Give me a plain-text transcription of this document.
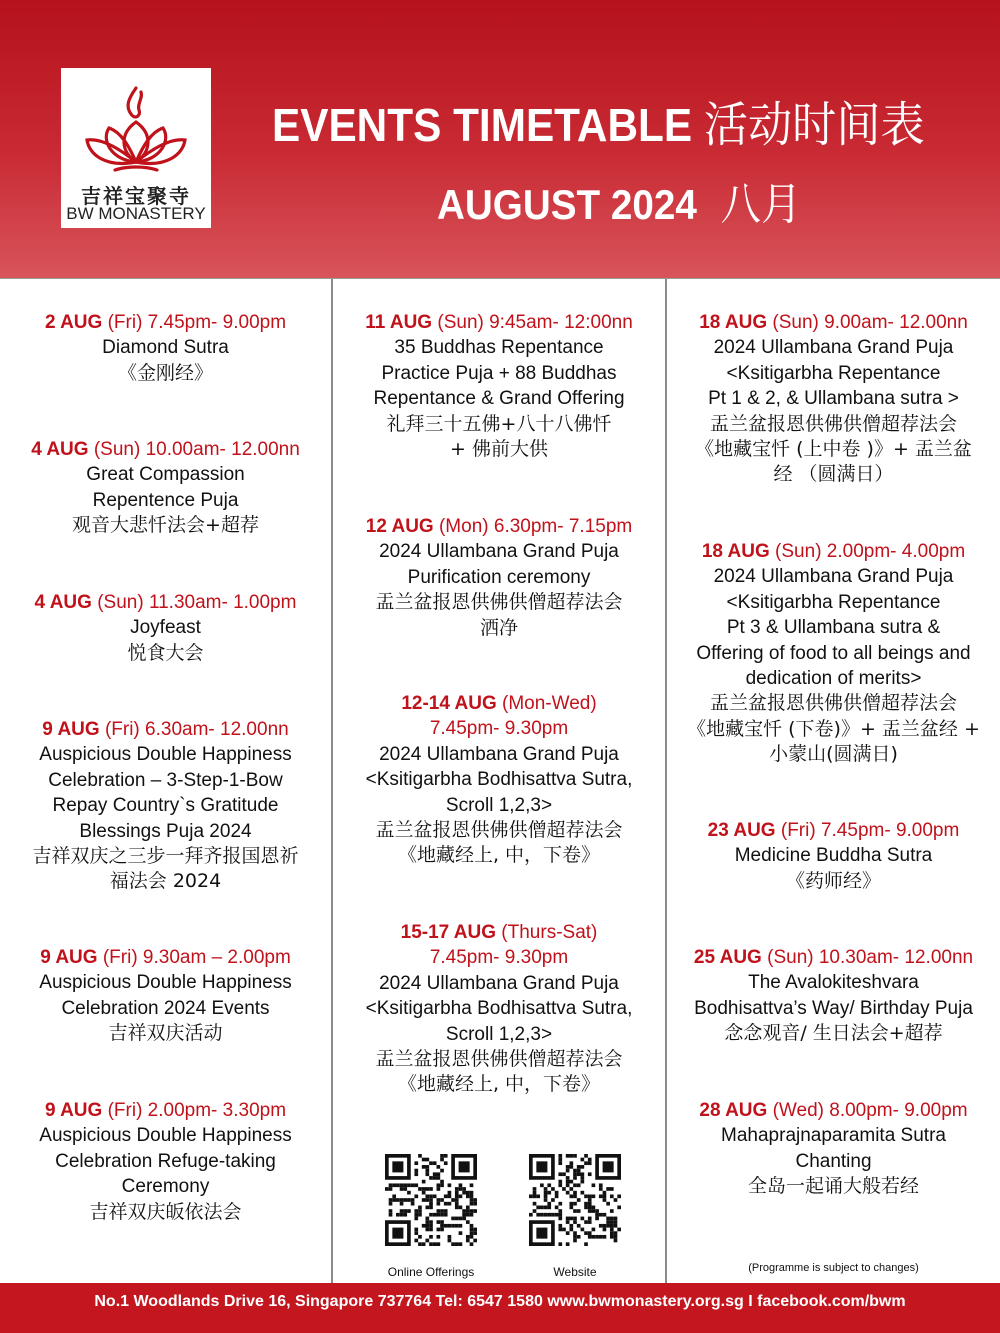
吉祥宝聚寺
BW MONASTERY
EVENTS TIMETABLE 活动时间表
AUGUST 2024 八月
2 AUG (Fri) 7.45pm- 9.00pm
Diamond Sutra
《金刚经》
4 AUG (Sun) 10.00am- 12.00nn
Great Compassion
Repentence Puja
观音大悲忏法会+超荐
4 AUG (Sun) 11.30am- 1.00pm
Joyfeast
悦食大会
9 AUG (Fri) 6.30am- 12.00nn
Auspicious Double Happiness
Celebration – 3-Step-1-Bow
Repay Country`s Gratitude
Blessings Puja 2024
吉祥双庆之三步一拜齐报国恩祈
福法会 2024
9 AUG (Fri) 9.30am – 2.00pm
Auspicious Double Happiness
Celebration 2024 Events
吉祥双庆活动
9 AUG (Fri) 2.00pm- 3.30pm
Auspicious Double Happiness
Celebration Refuge-taking
Ceremony
吉祥双庆皈依法会
Online Offerings	Website
11 AUG (Sun) 9:45am- 12:00nn
35 Buddhas Repentance
Practice Puja + 88 Buddhas
Repentance & Grand Offering
礼拜三十五佛+八十八佛忏
+ 佛前大供
12 AUG (Mon) 6.30pm- 7.15pm
2024 Ullambana Grand Puja
Purification ceremony
盂兰盆报恩供佛供僧超荐法会
洒净
12-14 AUG (Mon-Wed)
7.45pm- 9.30pm
2024 Ullambana Grand Puja
<Ksitigarbha Bodhisattva Sutra,
Scroll 1,2,3>
盂兰盆报恩供佛供僧超荐法会
《地藏经上, 中，下卷》
15-17 AUG (Thurs-Sat)
7.45pm- 9.30pm
2024 Ullambana Grand Puja
<Ksitigarbha Bodhisattva Sutra,
Scroll 1,2,3>
盂兰盆报恩供佛供僧超荐法会
《地藏经上, 中，下卷》
(Programme is subject to changes)
18 AUG (Sun) 9.00am- 12.00nn
2024 Ullambana Grand Puja
<Ksitigarbha Repentance
Pt 1 & 2, & Ullambana sutra >
盂兰盆报恩供佛供僧超荐法会
《地藏宝忏 (上中卷 )》+ 盂兰盆
经 （圆满日）
18 AUG (Sun) 2.00pm- 4.00pm
2024 Ullambana Grand Puja
<Ksitigarbha Repentance
Pt 3 & Ullambana sutra &
Offering of food to all beings and
dedication of merits>
盂兰盆报恩供佛供僧超荐法会
《地藏宝忏 (下卷)》+ 盂兰盆经 +
小蒙山(圆满日)
23 AUG (Fri) 7.45pm- 9.00pm
Medicine Buddha Sutra
《药师经》
25 AUG (Sun) 10.30am- 12.00nn
The Avalokiteshvara
Bodhisattva’s Way/ Birthday Puja
念念观音/ 生日法会+超荐
28 AUG (Wed) 8.00pm- 9.00pm
Mahaprajnaparamita Sutra
Chanting
全岛一起诵大般若经
No.1 Woodlands Drive 16, Singapore 737764 Tel: 6547 1580 www.bwmonastery.org.sg I facebook.com/bwm
